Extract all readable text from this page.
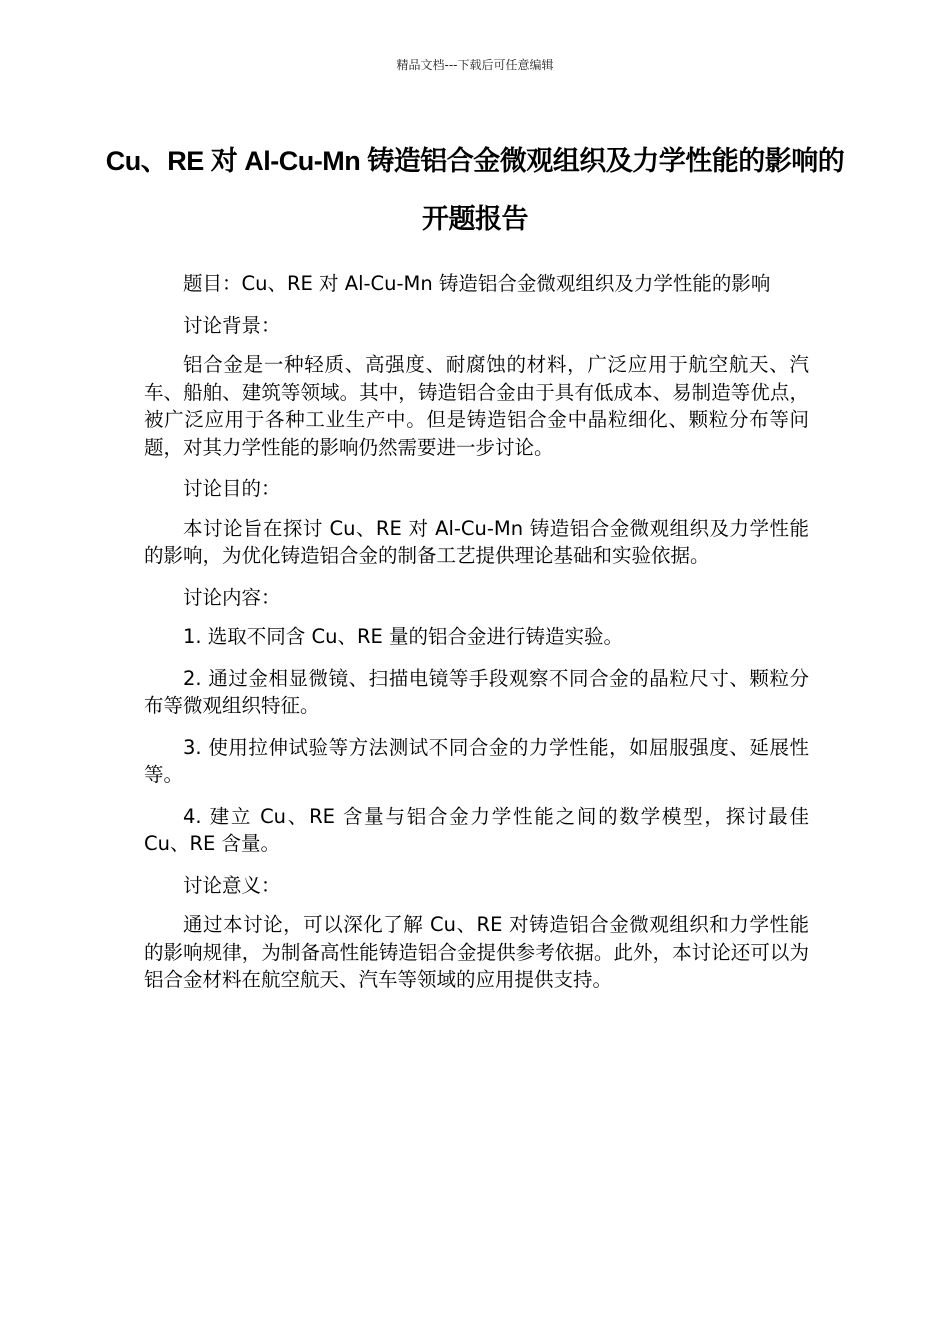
精品文档---下载后可任意编辑
Cu、RE 对 Al-Cu-Mn 铸造铝合金微观组织及力学性能的影响的开题报告

题目：Cu、RE 对 Al-Cu-Mn 铸造铝合金微观组织及力学性能的影响

讨论背景：

铝合金是一种轻质、高强度、耐腐蚀的材料，广泛应用于航空航天、汽车、船舶、建筑等领域。其中，铸造铝合金由于具有低成本、易制造等优点，被广泛应用于各种工业生产中。但是铸造铝合金中晶粒细化、颗粒分布等问题，对其力学性能的影响仍然需要进一步讨论。

讨论目的：

本讨论旨在探讨 Cu、RE 对 Al-Cu-Mn 铸造铝合金微观组织及力学性能的影响，为优化铸造铝合金的制备工艺提供理论基础和实验依据。

讨论内容：

1. 选取不同含 Cu、RE 量的铝合金进行铸造实验。

2. 通过金相显微镜、扫描电镜等手段观察不同合金的晶粒尺寸、颗粒分布等微观组织特征。

3. 使用拉伸试验等方法测试不同合金的力学性能，如屈服强度、延展性等。

4. 建立 Cu、RE 含量与铝合金力学性能之间的数学模型，探讨最佳 Cu、RE 含量。

讨论意义：

通过本讨论，可以深化了解 Cu、RE 对铸造铝合金微观组织和力学性能的影响规律，为制备高性能铸造铝合金提供参考依据。此外，本讨论还可以为铝合金材料在航空航天、汽车等领域的应用提供支持。
